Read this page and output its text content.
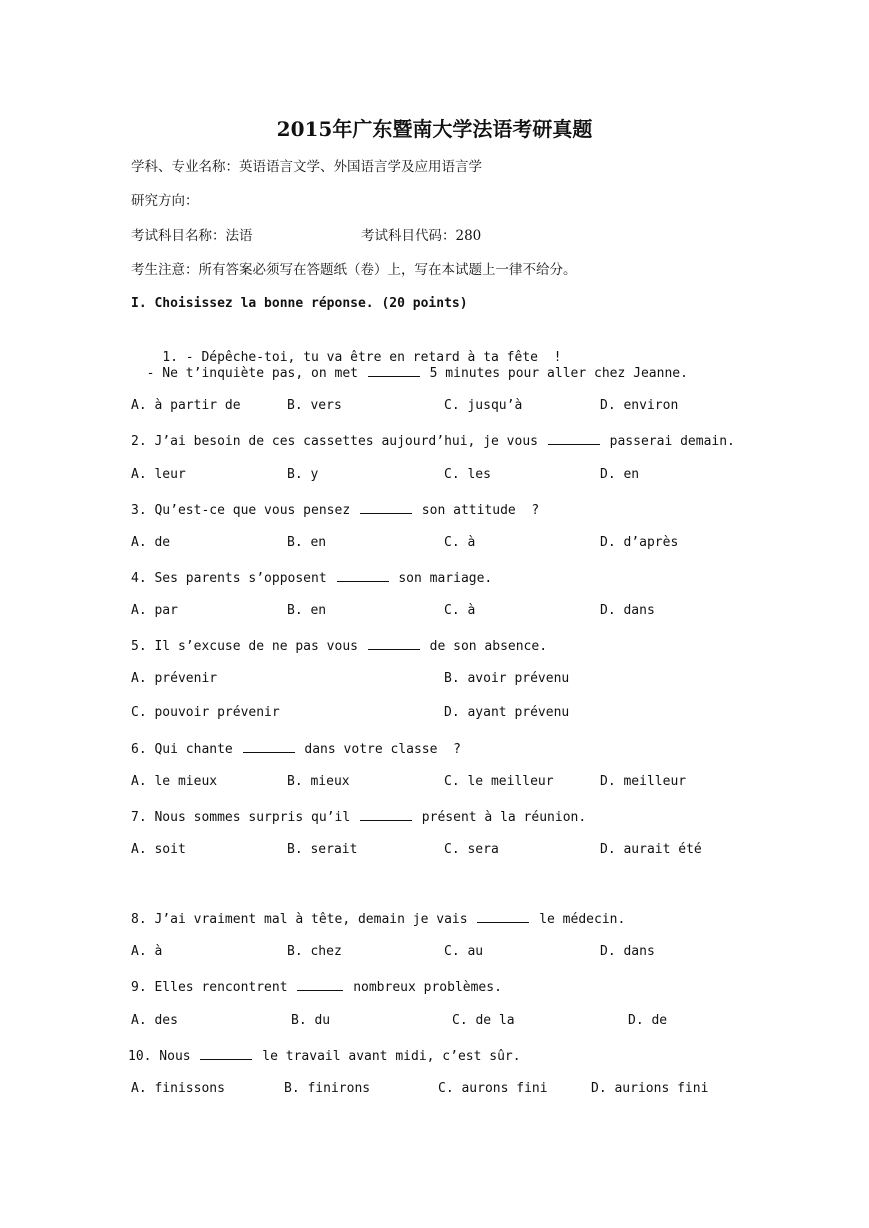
2015年广东暨南大学法语考研真题
学科、专业名称：英语语言文学、外国语言学及应用语言学
研究方向：
考试科目名称：法语	考试科目代码：280
考生注意：所有答案必须写在答题纸（卷）上，写在本试题上一律不给分。
I. Choisissez la bonne réponse. (20 points)

1. - Dépêche-toi, tu va être en retard à ta fête  !

- Ne t’inquiète pas, on met	5 minutes pour aller chez Jeanne.
A. à partir de	B. vers	C. jusqu’à	D. environ
2. J’ai besoin de ces cassettes aujourd’hui, je vous	passerai demain.
A. leur	B. y	C. les	D. en
3. Qu’est-ce que vous pensez	son attitude  ?
A. de	B. en	C. à	D. d’après
4. Ses parents s’opposent	son mariage.
A. par	B. en	C. à	D. dans
5. Il s’excuse de ne pas vous	de son absence.
A. prévenir	B. avoir prévenu
C. pouvoir prévenir	D. ayant prévenu
6. Qui chante	dans votre classe  ?
A. le mieux	B. mieux	C. le meilleur	D. meilleur
7. Nous sommes surpris qu’il	présent à la réunion.
A. soit	B. serait	C. sera	D. aurait été
8. J’ai vraiment mal à tête, demain je vais	le médecin.
A. à	B. chez	C. au	D. dans
9. Elles rencontrent	nombreux problèmes.
A. des	B. du	C. de la	D. de
10. Nous	le travail avant midi, c’est sûr.
A. finissons	B. finirons	C. aurons fini	D. aurions fini
